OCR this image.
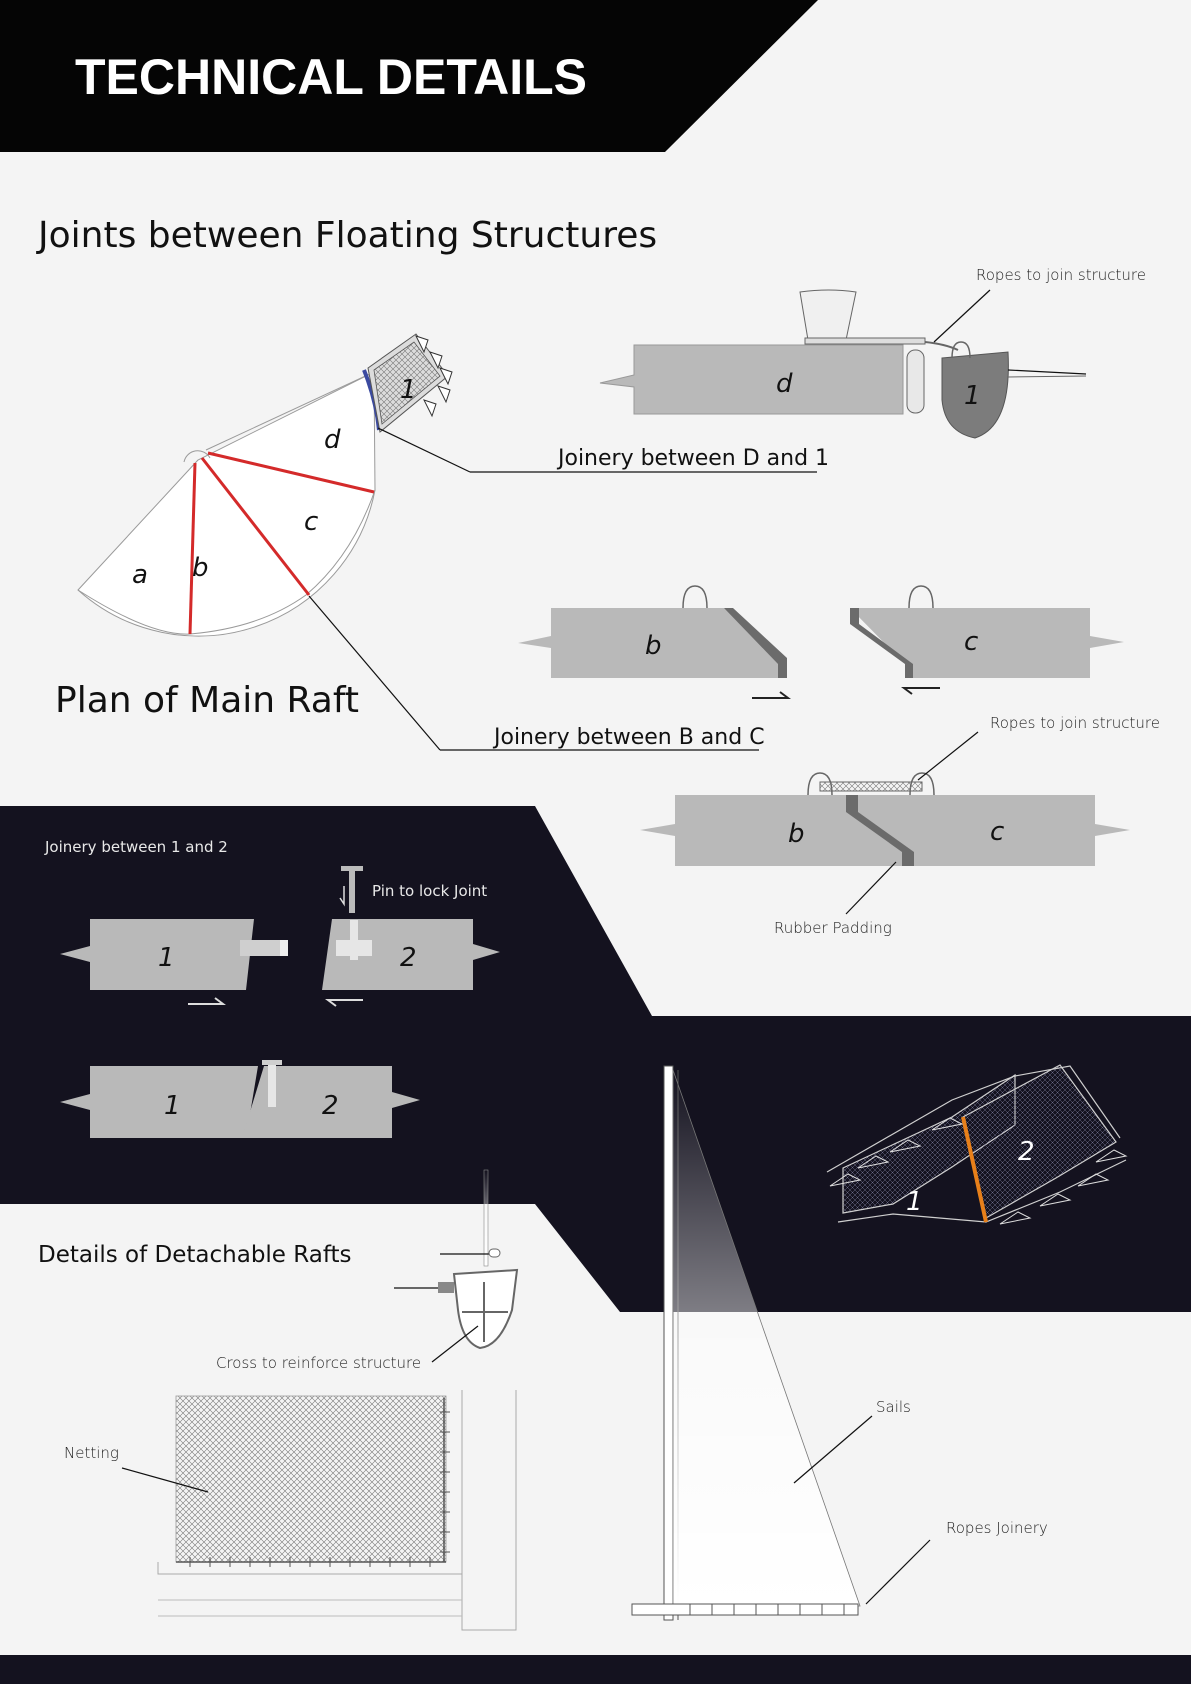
TECHNICAL DETAILS
Joints between Floating Structures
b
a
c
d
1
Plan of Main Raft
Joinery between D and 1
d	1
Ropes to join structure
b	c
Joinery between B and C
b	c
Ropes to join structure
Rubber Padding
Joinery between 1 and 2
1	2
Pin to lock Joint
1	2
1
2
Details of Detachable Rafts
Cross to reinforce structure
Netting
Sails
Ropes Joinery
